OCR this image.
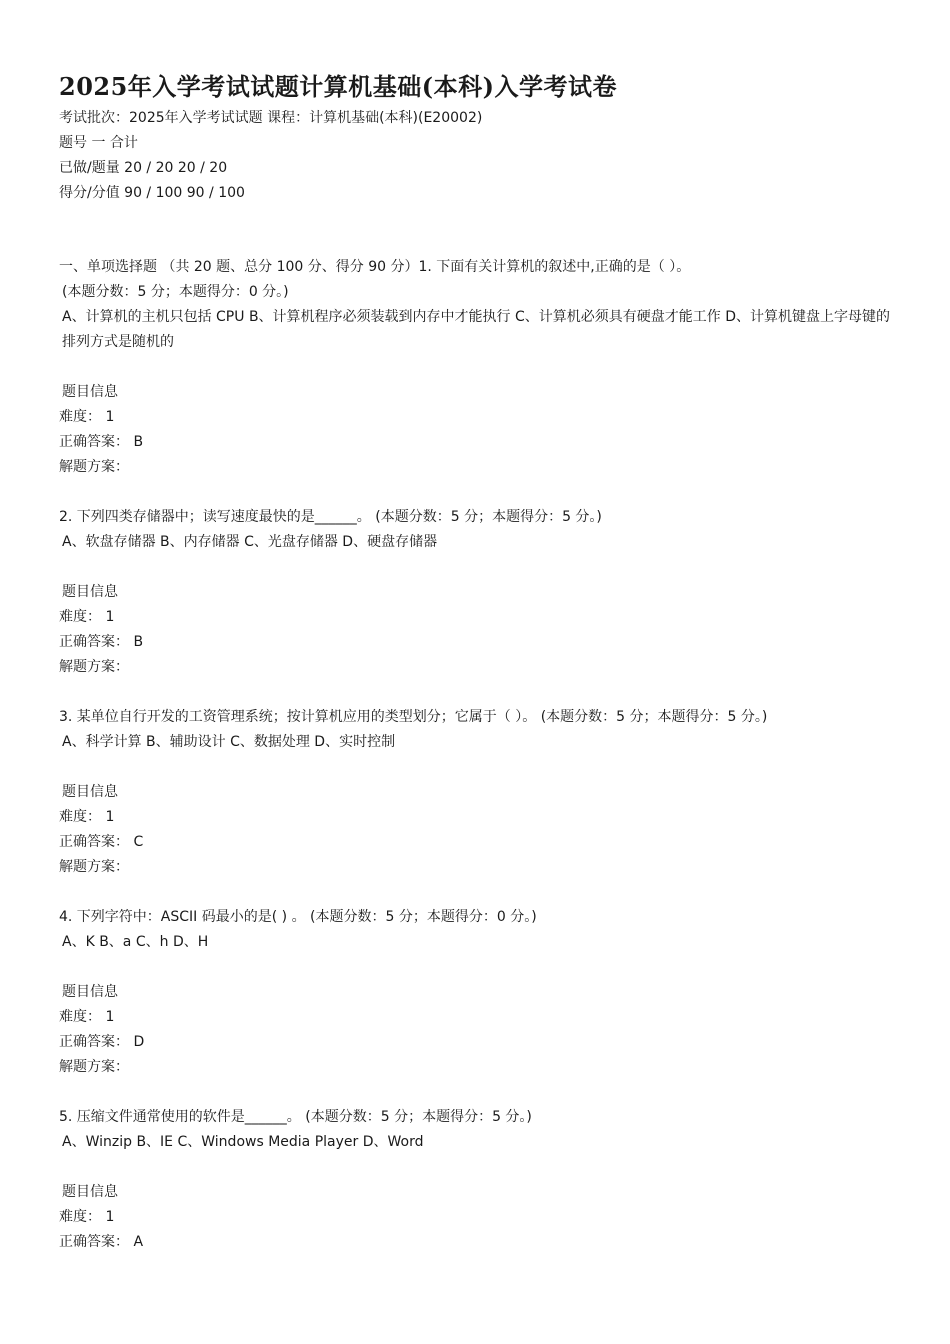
2025年入学考试试题计算机基础(本科)入学考试卷
考试批次：2025年入学考试试题 课程：计算机基础(本科)(E20002)
题号 一 合计
已做/题量 20 / 20 20 / 20
得分/分值 90 / 100 90 / 100
一、单项选择题 （共 20 题、总分 100 分、得分 90 分）1. 下面有关计算机的叙述中,正确的是（ ）。
(本题分数：5 分；本题得分：0 分。)
A、计算机的主机只包括 CPU B、计算机程序必须装载到内存中才能执行 C、计算机必须具有硬盘才能工作 D、计算机键盘上字母键的排列方式是随机的
题目信息
难度： 1
正确答案： B
解题方案：
2. 下列四类存储器中；读写速度最快的是______。 (本题分数：5 分；本题得分：5 分。)
A、软盘存储器 B、内存储器 C、光盘存储器 D、硬盘存储器
题目信息
难度： 1
正确答案： B
解题方案：
3. 某单位自行开发的工资管理系统；按计算机应用的类型划分；它属于（ ）。 (本题分数：5 分；本题得分：5 分。)
A、科学计算 B、辅助设计 C、数据处理 D、实时控制
题目信息
难度： 1
正确答案： C
解题方案：
4. 下列字符中：ASCII 码最小的是( ) 。 (本题分数：5 分；本题得分：0 分。)
A、K B、a C、h D、H
题目信息
难度： 1
正确答案： D
解题方案：
5. 压缩文件通常使用的软件是______。 (本题分数：5 分；本题得分：5 分。)
A、Winzip B、IE C、Windows Media Player D、Word
题目信息
难度： 1
正确答案： A
